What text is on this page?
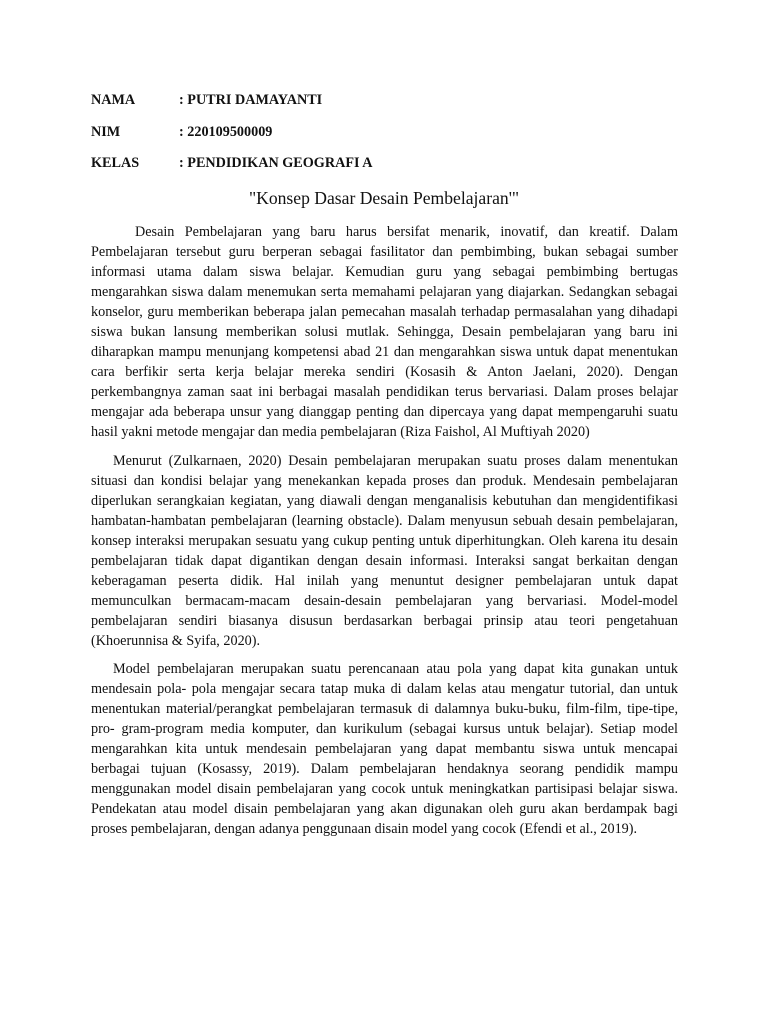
NAMA	: PUTRI DAMAYANTI
NIM	: 220109500009
KELAS	: PENDIDIKAN GEOGRAFI A
"Konsep Dasar Desain Pembelajaran'"

Desain Pembelajaran yang baru harus bersifat menarik, inovatif, dan kreatif. Dalam Pembelajaran tersebut guru berperan sebagai fasilitator dan pembimbing, bukan sebagai sumber informasi utama dalam siswa belajar. Kemudian guru yang sebagai pembimbing bertugas mengarahkan siswa dalam menemukan serta memahami pelajaran yang diajarkan. Sedangkan sebagai konselor, guru memberikan beberapa jalan pemecahan masalah terhadap permasalahan yang dihadapi siswa bukan lansung memberikan solusi mutlak. Sehingga, Desain pembelajaran yang baru ini diharapkan mampu menunjang kompetensi abad 21 dan mengarahkan siswa untuk dapat menentukan cara berfikir serta kerja belajar mereka sendiri (Kosasih & Anton Jaelani, 2020). Dengan perkembangnya zaman saat ini berbagai masalah pendidikan terus bervariasi. Dalam proses belajar mengajar ada beberapa unsur yang dianggap penting dan dipercaya yang dapat mempengaruhi suatu hasil yakni metode mengajar dan media pembelajaran (Riza Faishol, Al Muftiyah 2020)

Menurut (Zulkarnaen, 2020) Desain pembelajaran merupakan suatu proses dalam menentukan situasi dan kondisi belajar yang menekankan kepada proses dan produk. Mendesain pembelajaran diperlukan serangkaian kegiatan, yang diawali dengan menganalisis kebutuhan dan mengidentifikasi hambatan-hambatan pembelajaran (learning obstacle). Dalam menyusun sebuah desain pembelajaran, konsep interaksi merupakan sesuatu yang cukup penting untuk diperhitungkan. Oleh karena itu desain pembelajaran tidak dapat digantikan dengan desain informasi. Interaksi sangat berkaitan dengan keberagaman peserta didik. Hal inilah yang menuntut designer pembelajaran untuk dapat memunculkan bermacam-macam desain-desain pembelajaran yang bervariasi. Model-model pembelajaran sendiri biasanya disusun berdasarkan berbagai prinsip atau teori pengetahuan (Khoerunnisa & Syifa, 2020).

Model pembelajaran merupakan suatu perencanaan atau pola yang dapat kita gunakan untuk mendesain pola- pola mengajar secara tatap muka di dalam kelas atau mengatur tutorial, dan untuk menentukan material/perangkat pembelajaran termasuk di dalamnya buku-buku, film-film, tipe-tipe, pro- gram-program media komputer, dan kurikulum (sebagai kursus untuk belajar). Setiap model mengarahkan kita untuk mendesain pembelajaran yang dapat membantu siswa untuk mencapai berbagai tujuan (Kosassy, 2019). Dalam pembelajaran hendaknya seorang pendidik mampu menggunakan model disain pembelajaran yang cocok untuk meningkatkan partisipasi belajar siswa. Pendekatan atau model disain pembelajaran yang akan digunakan oleh guru akan berdampak bagi proses pembelajaran, dengan adanya penggunaan disain model yang cocok (Efendi et al., 2019).
